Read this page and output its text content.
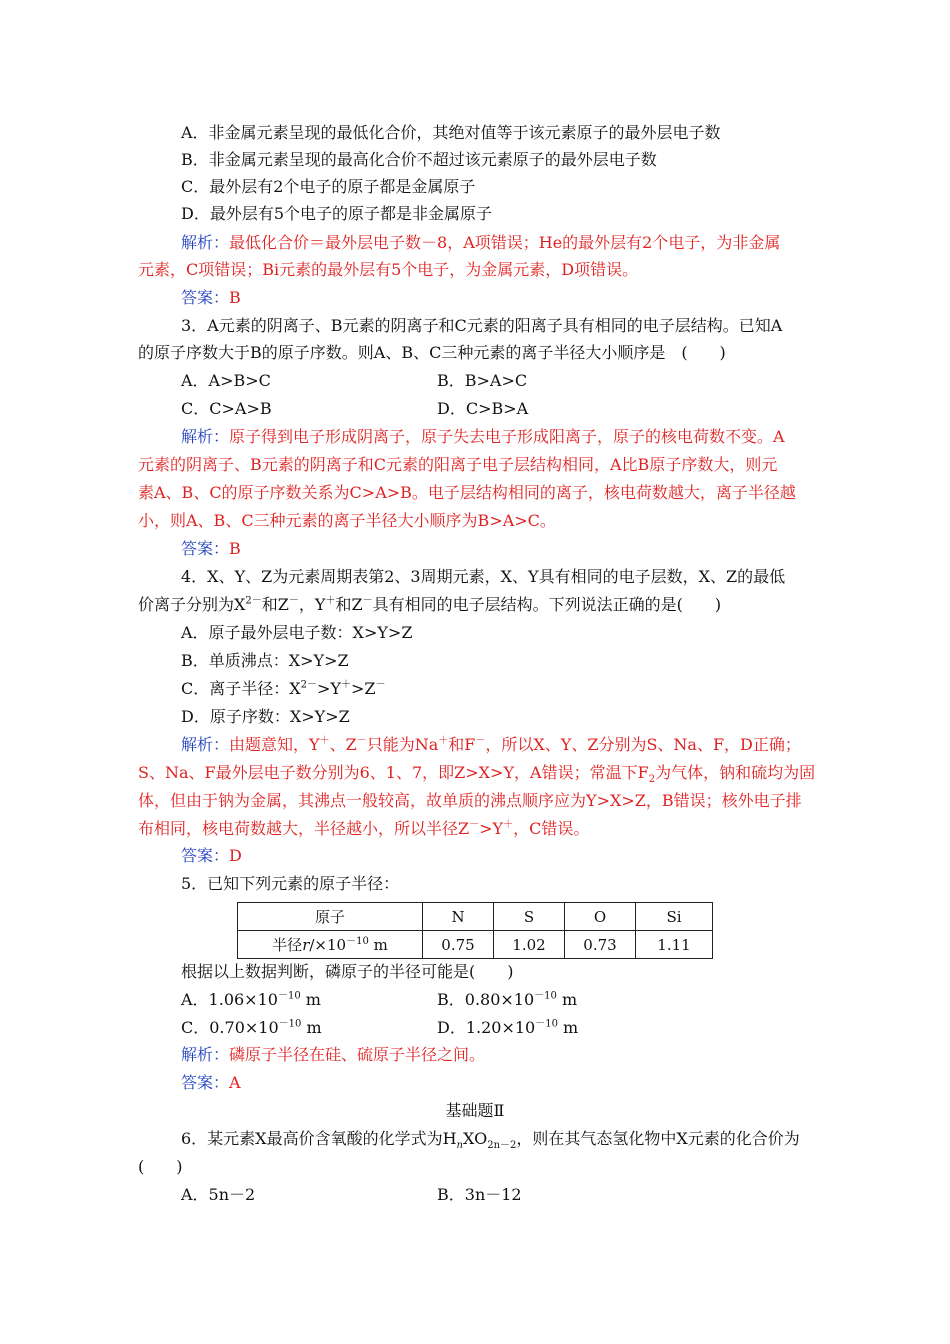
A．非金属元素呈现的最低化合价，其绝对值等于该元素原子的最外层电子数
B．非金属元素呈现的最高化合价不超过该元素原子的最外层电子数
C．最外层有2个电子的原子都是金属原子
D．最外层有5个电子的原子都是非金属原子
解析：最低化合价＝最外层电子数－8，A项错误；He的最外层有2个电子，为非金属
元素，C项错误；Bi元素的最外层有5个电子，为金属元素，D项错误。
答案：B
3．A元素的阴离子、B元素的阴离子和C元素的阳离子具有相同的电子层结构。已知A
的原子序数大于B的原子序数。则A、B、C三种元素的离子半径大小顺序是　(　　)
A．A>B>C	B．B>A>C
C．C>A>B	D．C>B>A
解析：原子得到电子形成阴离子，原子失去电子形成阳离子，原子的核电荷数不变。A
元素的阴离子、B元素的阴离子和C元素的阳离子电子层结构相同，A比B原子序数大，则元
素A、B、C的原子序数关系为C>A>B。电子层结构相同的离子，核电荷数越大，离子半径越
小，则A、B、C三种元素的离子半径大小顺序为B>A>C。
答案：B
4．X、Y、Z为元素周期表第2、3周期元素，X、Y具有相同的电子层数，X、Z的最低
价离子分别为$X^{2-}$和Z－，Y＋和Z－具有相同的电子层结构。下列说法正确的是(　　)
A．原子最外层电子数：X>Y>Z
B．单质沸点：X>Y>Z
C．离子半径：$X^{2-}>Y^+>Z^-$
D．原子序数：X>Y>Z
解析：由题意知，Y＋、Z－只能为Na＋和F－，所以X、Y、Z分别为S、Na、F，D正确；
S、Na、F最外层电子数分别为6、1、7，即Z>X>Y，A错误；常温下$F_2$为气体，钠和硫均为固
体，但由于钠为金属，其沸点一般较高，故单质的沸点顺序应为Y>X>Z，B错误；核外电子排
布相同，核电荷数越大，半径越小，所以半径Z－>Y＋，C错误。
答案：D
5．已知下列元素的原子半径：
原子	N	S	O	Si
半径$r/\times 10^{-10}$ m	0.75	1.02	0.73	1.11
根据以上数据判断，磷原子的半径可能是(　　)
A．$1.06\times 10^{-10}$ m	B．$0.80\times 10^{-10}$ m
C．$0.70\times 10^{-10}$ m	D．$1.20\times 10^{-10}$ m
解析：磷原子半径在硅、硫原子半径之间。
答案：A
基础题Ⅱ
6．某元素X最高价含氧酸的化学式为$H_nXO_{2n-2}$，则在其气态氢化物中X元素的化合价为
(　　)
A．5n－2	B．3n－12
